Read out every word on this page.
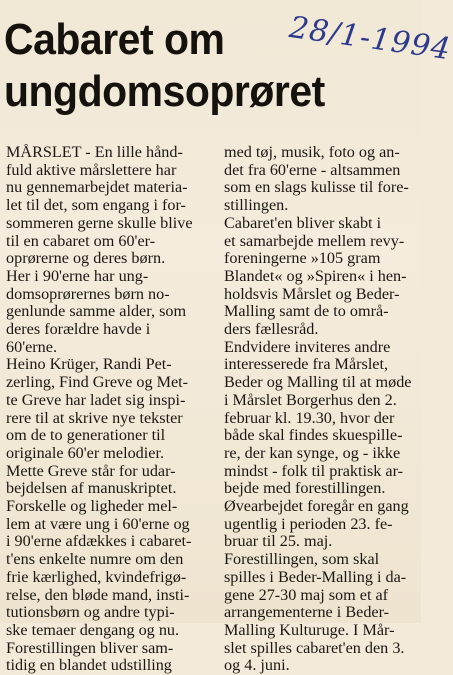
Cabaret om
ungdomsoprøret
28/1-1994
MÅRSLET - En lille hånd-
fuld aktive mårslettere har
nu gennemarbejdet materia-
let til det, som engang i for-
sommeren gerne skulle blive
til en cabaret om 60'er-
oprørerne og deres børn.
Her i 90'erne har ung-
domsoprørernes børn no-
genlunde samme alder, som
deres forældre havde i
60'erne.
Heino Krüger, Randi Pet-
zerling, Find Greve og Met-
te Greve har ladet sig inspi-
rere til at skrive nye tekster
om de to generationer til
originale 60'er melodier.
Mette Greve står for udar-
bejdelsen af manuskriptet.
Forskelle og ligheder mel-
lem at være ung i 60'erne og
i 90'erne afdækkes i cabaret-
t'ens enkelte numre om den
frie kærlighed, kvindefrigø-
relse, den bløde mand, insti-
tutionsbørn og andre typi-
ske temaer dengang og nu.
Forestillingen bliver sam-
tidig en blandet udstilling
med tøj, musik, foto og an-
det fra 60'erne - altsammen
som en slags kulisse til fore-
stillingen.
Cabaret'en bliver skabt i
et samarbejde mellem revy-
foreningerne »105 gram
Blandet« og »Spiren« i hen-
holdsvis Mårslet og Beder-
Malling samt de to områ-
ders fællesråd.
Endvidere inviteres andre
interesserede fra Mårslet,
Beder og Malling til at møde
i Mårslet Borgerhus den 2.
februar kl. 19.30, hvor der
både skal findes skuespille-
re, der kan synge, og - ikke
mindst - folk til praktisk ar-
bejde med forestillingen.
Øvearbejdet foregår en gang
ugentlig i perioden 23. fe-
bruar til 25. maj.
Forestillingen, som skal
spilles i Beder-Malling i da-
gene 27-30 maj som et af
arrangementerne i Beder-
Malling Kulturuge. I Mår-
slet spilles cabaret'en den 3.
og 4. juni.
